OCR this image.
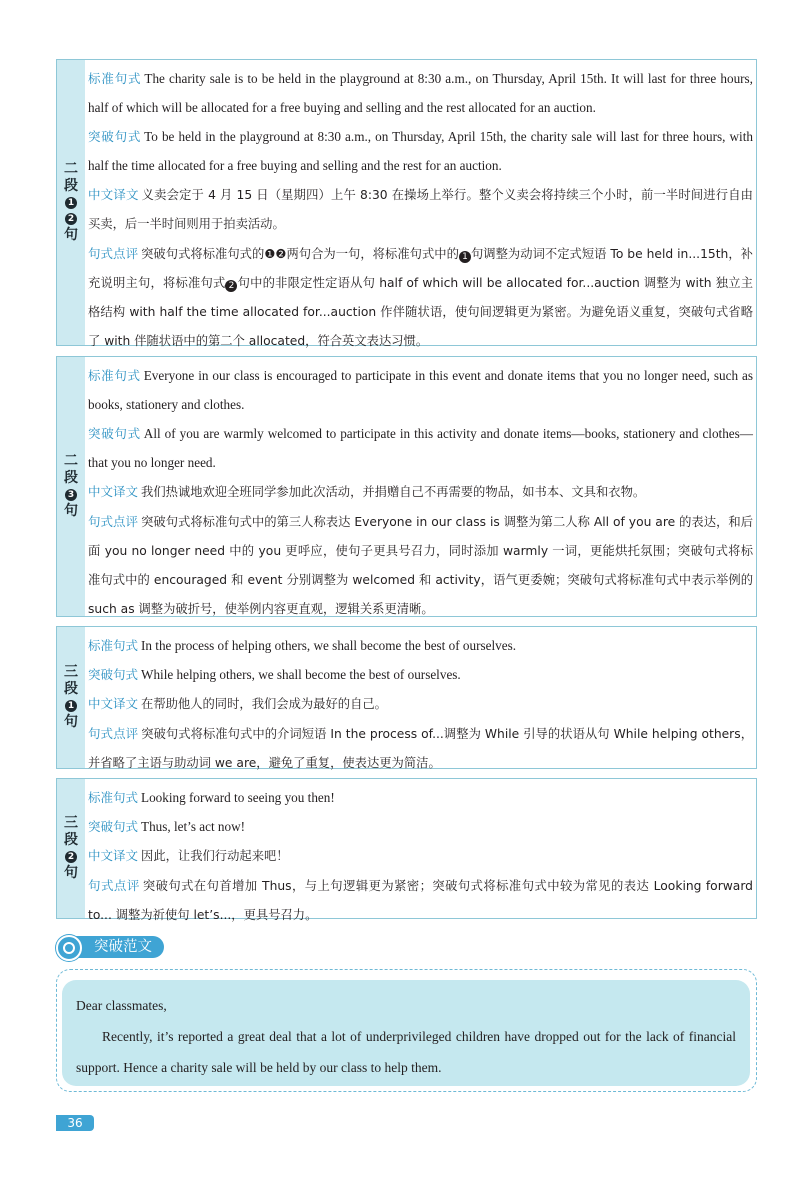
二
段
1
2
句

标准句式 The charity sale is to be held in the playground at 8:30 a.m., on Thursday, April 15th. It will last for three hours, half of which will be allocated for a free buying and selling and the rest allocated for an auction.

突破句式 To be held in the playground at 8:30 a.m., on Thursday, April 15th, the charity sale will last for three hours, with half the time allocated for a free buying and selling and the rest for an auction.

中文译文 义卖会定于 4 月 15 日（星期四）上午 8:30 在操场上举行。整个义卖会将持续三个小时，前一半时间进行自由买卖，后一半时间则用于拍卖活动。

句式点评 突破句式将标准句式的❶❷两句合为一句，将标准句式中的 1 句调整为动词不定式短语 To be held in...15th，补充说明主句，将标准句式 2 句中的非限定性定语从句 half of which will be allocated for...auction 调整为 with 独立主格结构 with half the time allocated for...auction 作伴随状语，使句间逻辑更为紧密。为避免语义重复，突破句式省略了 with 伴随状语中的第二个 allocated，符合英文表达习惯。

二
段
3
句

标准句式 Everyone in our class is encouraged to participate in this event and donate items that you no longer need, such as books, stationery and clothes.

突破句式 All of you are warmly welcomed to participate in this activity and donate items—books, stationery and clothes—that you no longer need.

中文译文 我们热诚地欢迎全班同学参加此次活动，并捐赠自己不再需要的物品，如书本、文具和衣物。

句式点评 突破句式将标准句式中的第三人称表达 Everyone in our class is 调整为第二人称 All of you are 的表达，和后面 you no longer need 中的 you 更呼应，使句子更具号召力，同时添加 warmly 一词，更能烘托氛围；突破句式将标准句式中的 encouraged 和 event 分别调整为 welcomed 和 activity，语气更委婉；突破句式将标准句式中表示举例的 such as 调整为破折号，使举例内容更直观，逻辑关系更清晰。

三
段
1
句

标准句式 In the process of helping others, we shall become the best of ourselves.

突破句式 While helping others, we shall become the best of ourselves.

中文译文 在帮助他人的同时，我们会成为最好的自己。

句式点评 突破句式将标准句式中的介词短语 In the process of...调整为 While 引导的状语从句 While helping others，并省略了主语与助动词 we are，避免了重复，使表达更为简洁。

三
段
2
句

标准句式 Looking forward to seeing you then!

突破句式 Thus, let’s act now!

中文译文 因此，让我们行动起来吧！

句式点评 突破句式在句首增加 Thus，与上句逻辑更为紧密；突破句式将标准句式中较为常见的表达 Looking forward to... 调整为祈使句 let’s...，更具号召力。

突破范文

Dear classmates,

Recently, it’s reported a great deal that a lot of underprivileged children have dropped out for the lack of financial support. Hence a charity sale will be held by our class to help them.

36
